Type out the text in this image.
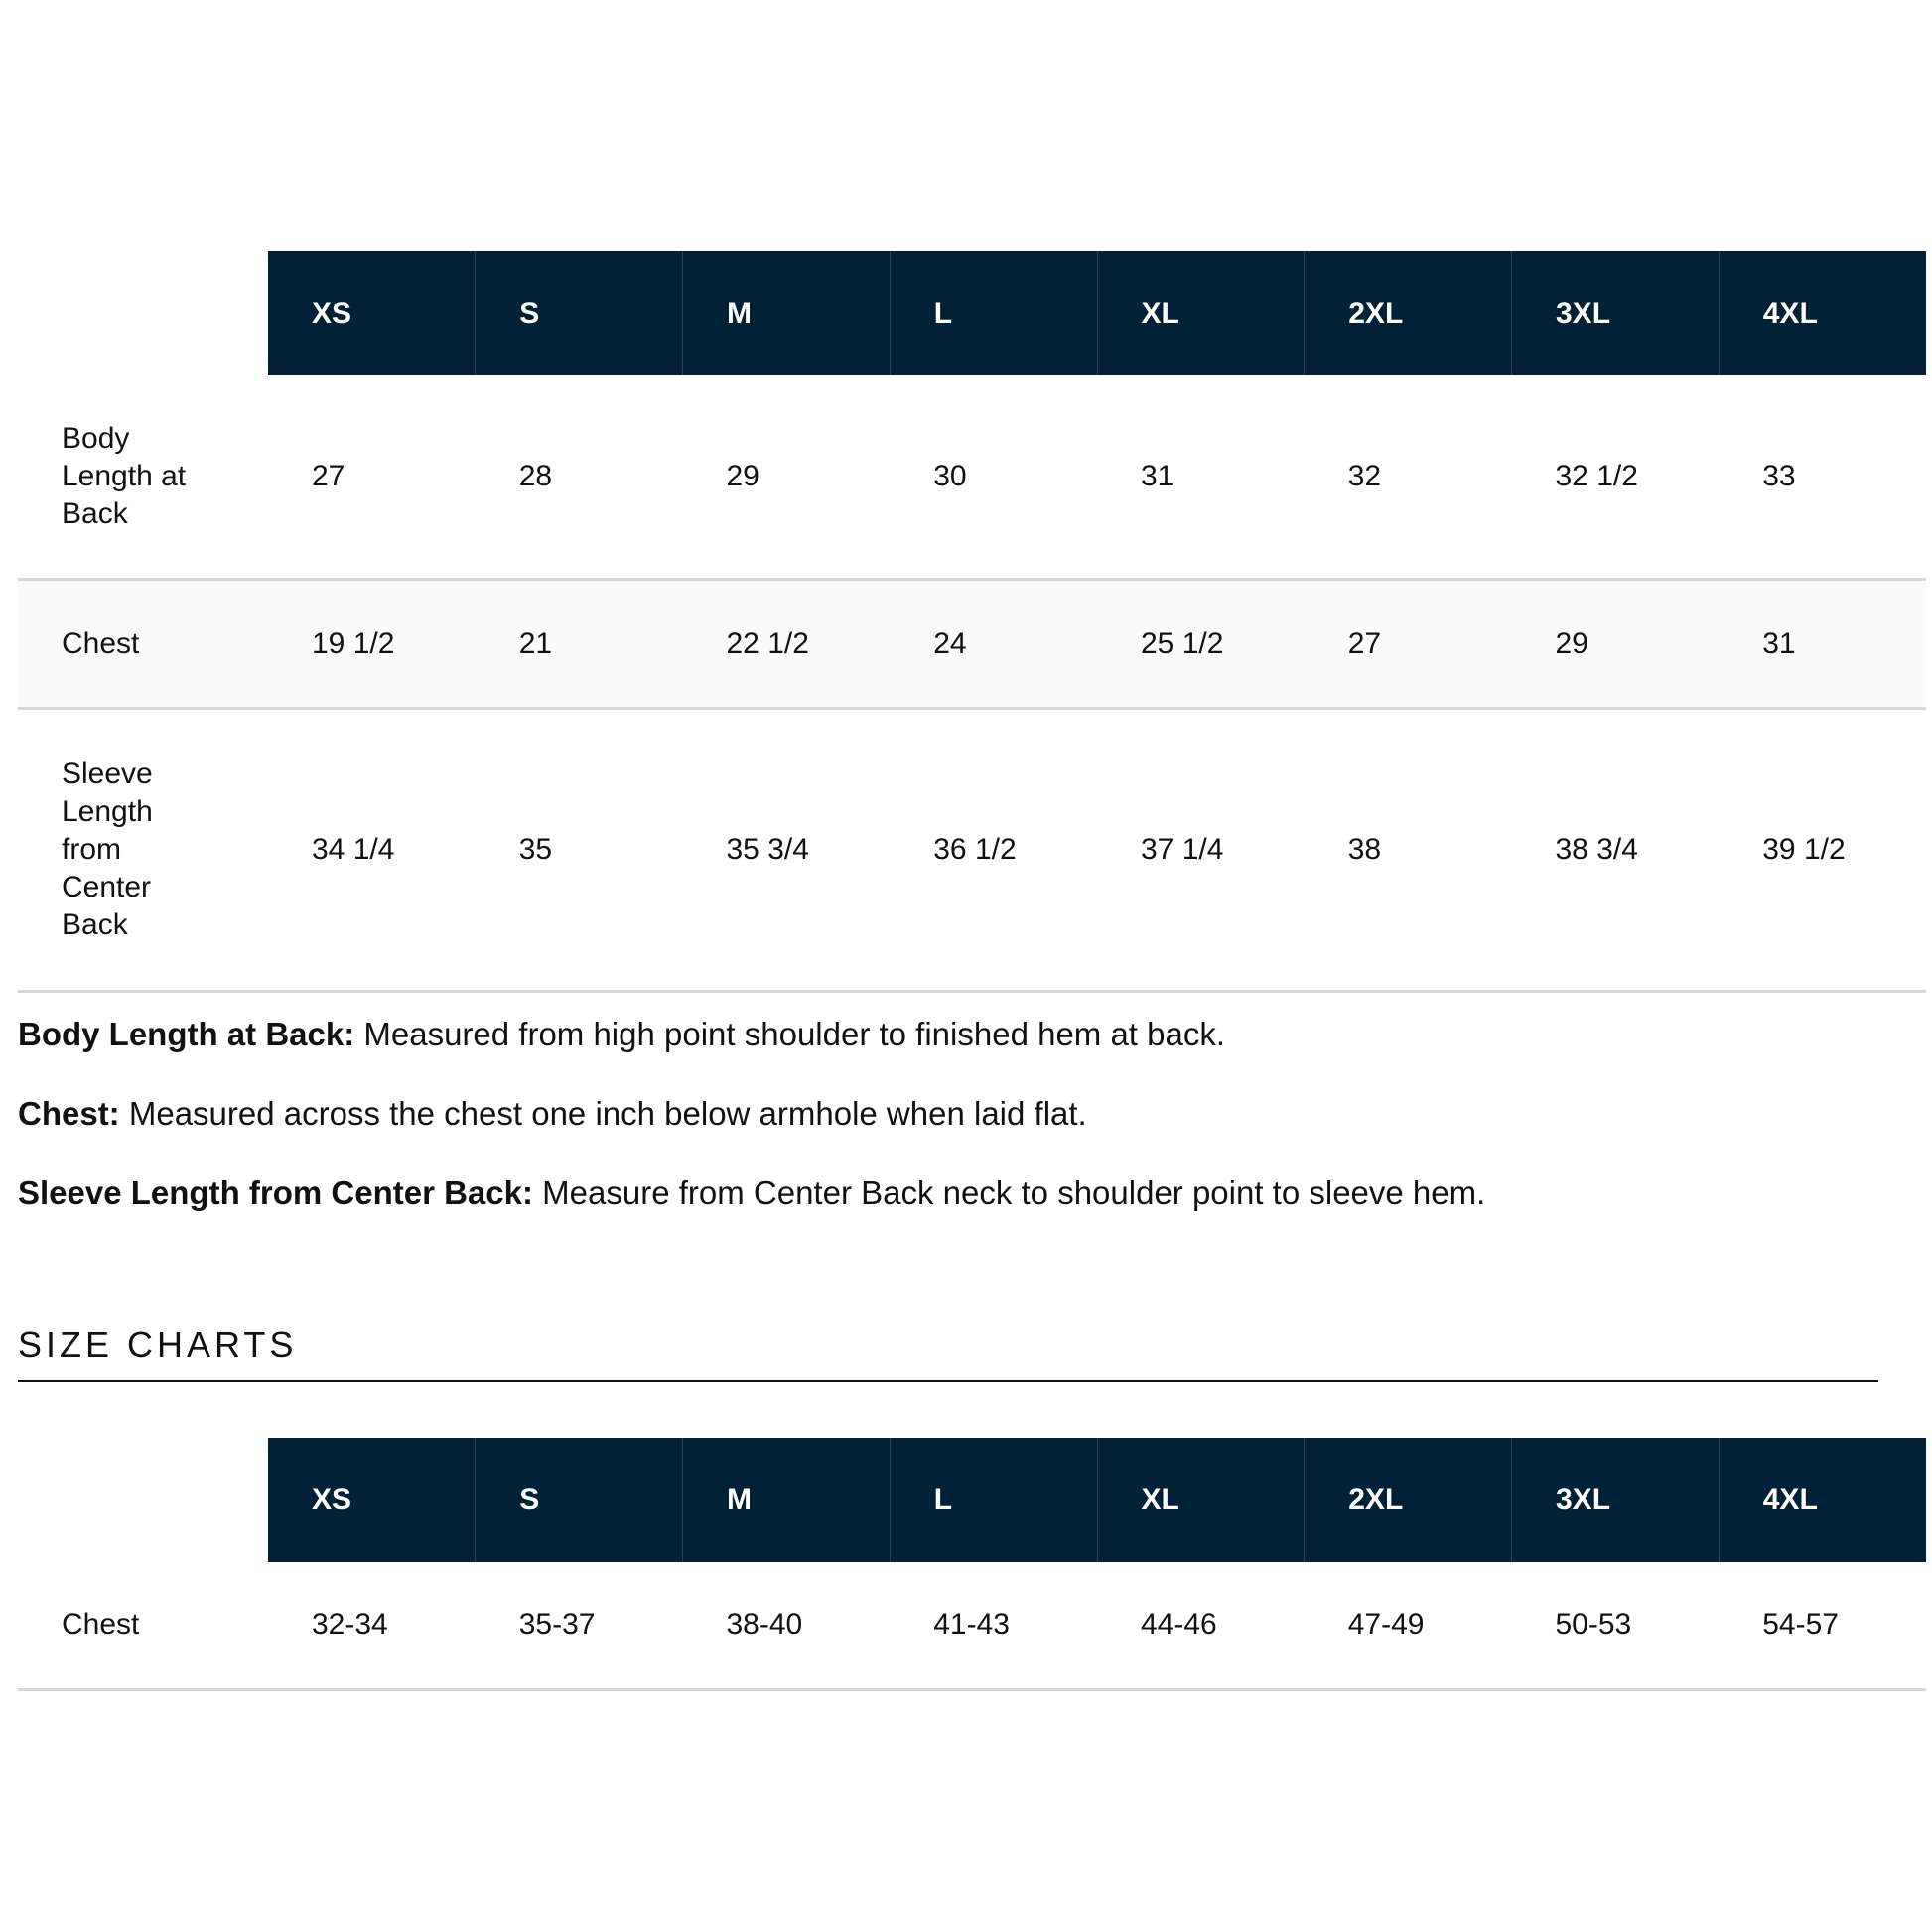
	XS	S	M	L	XL	2XL	3XL	4XL
Body Length at Back	27	28	29	30	31	32	32 1/2	33
Chest	19 1/2	21	22 1/2	24	25 1/2	27	29	31
Sleeve Length from Center Back	34 1/4	35	35 3/4	36 1/2	37 1/4	38	38 3/4	39 1/2

Body Length at Back: Measured from high point shoulder to finished hem at back.

Chest: Measured across the chest one inch below armhole when laid flat.

Sleeve Length from Center Back: Measure from Center Back neck to shoulder point to sleeve hem.

SIZE CHARTS
	XS	S	M	L	XL	2XL	3XL	4XL
Chest	32-34	35-37	38-40	41-43	44-46	47-49	50-53	54-57
